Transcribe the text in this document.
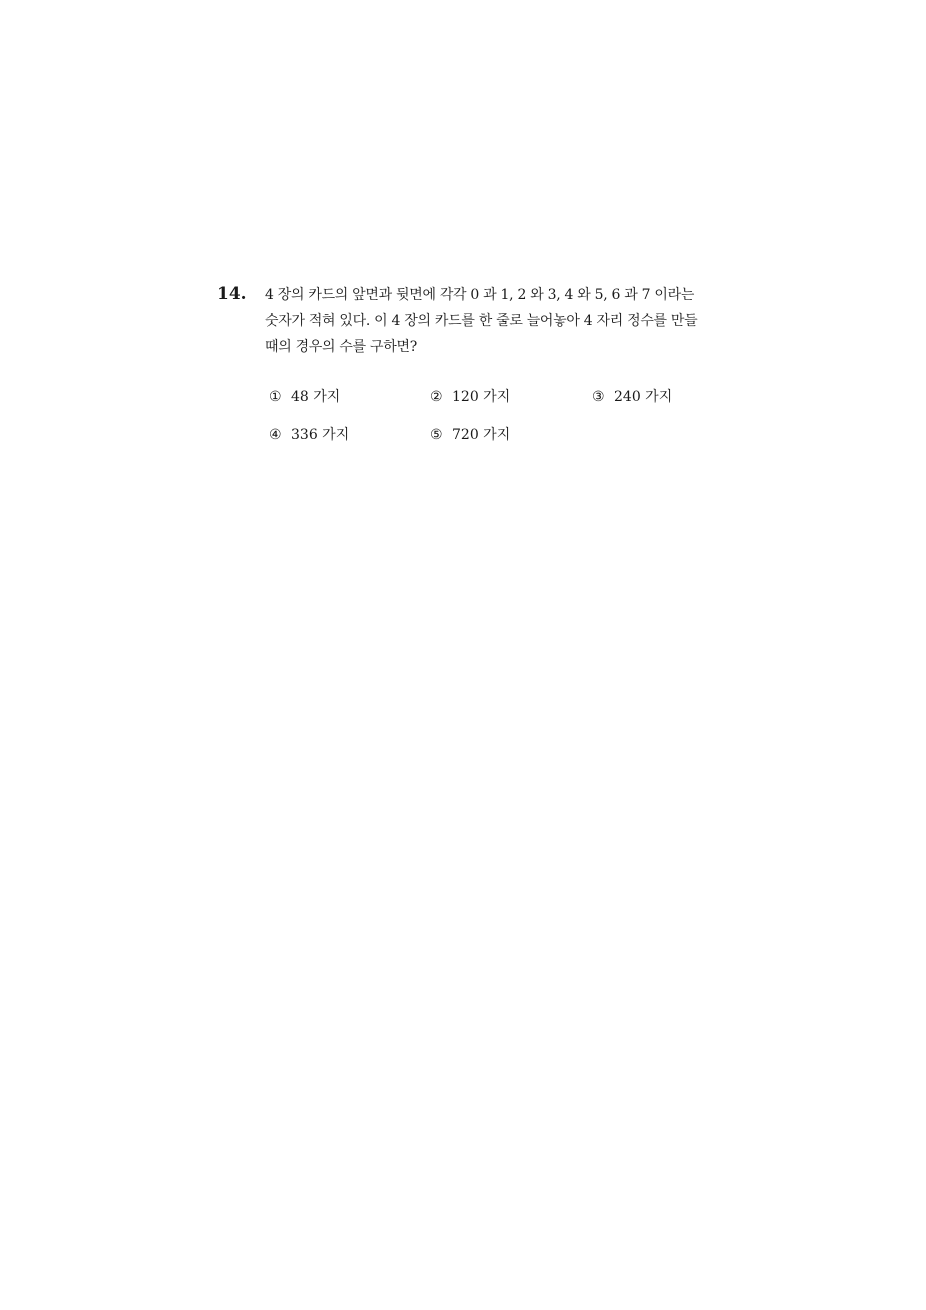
14. 4 장의 카드의 앞면과 뒷면에 각각 0 과 1, 2 와 3, 4 와 5, 6 과 7 이라는
숫자가 적혀 있다. 이 4 장의 카드를 한 줄로 늘어놓아 4 자리 정수를 만들
때의 경우의 수를 구하면?
① 48 가지	② 120 가지	③ 240 가지
④ 336 가지	⑤ 720 가지
